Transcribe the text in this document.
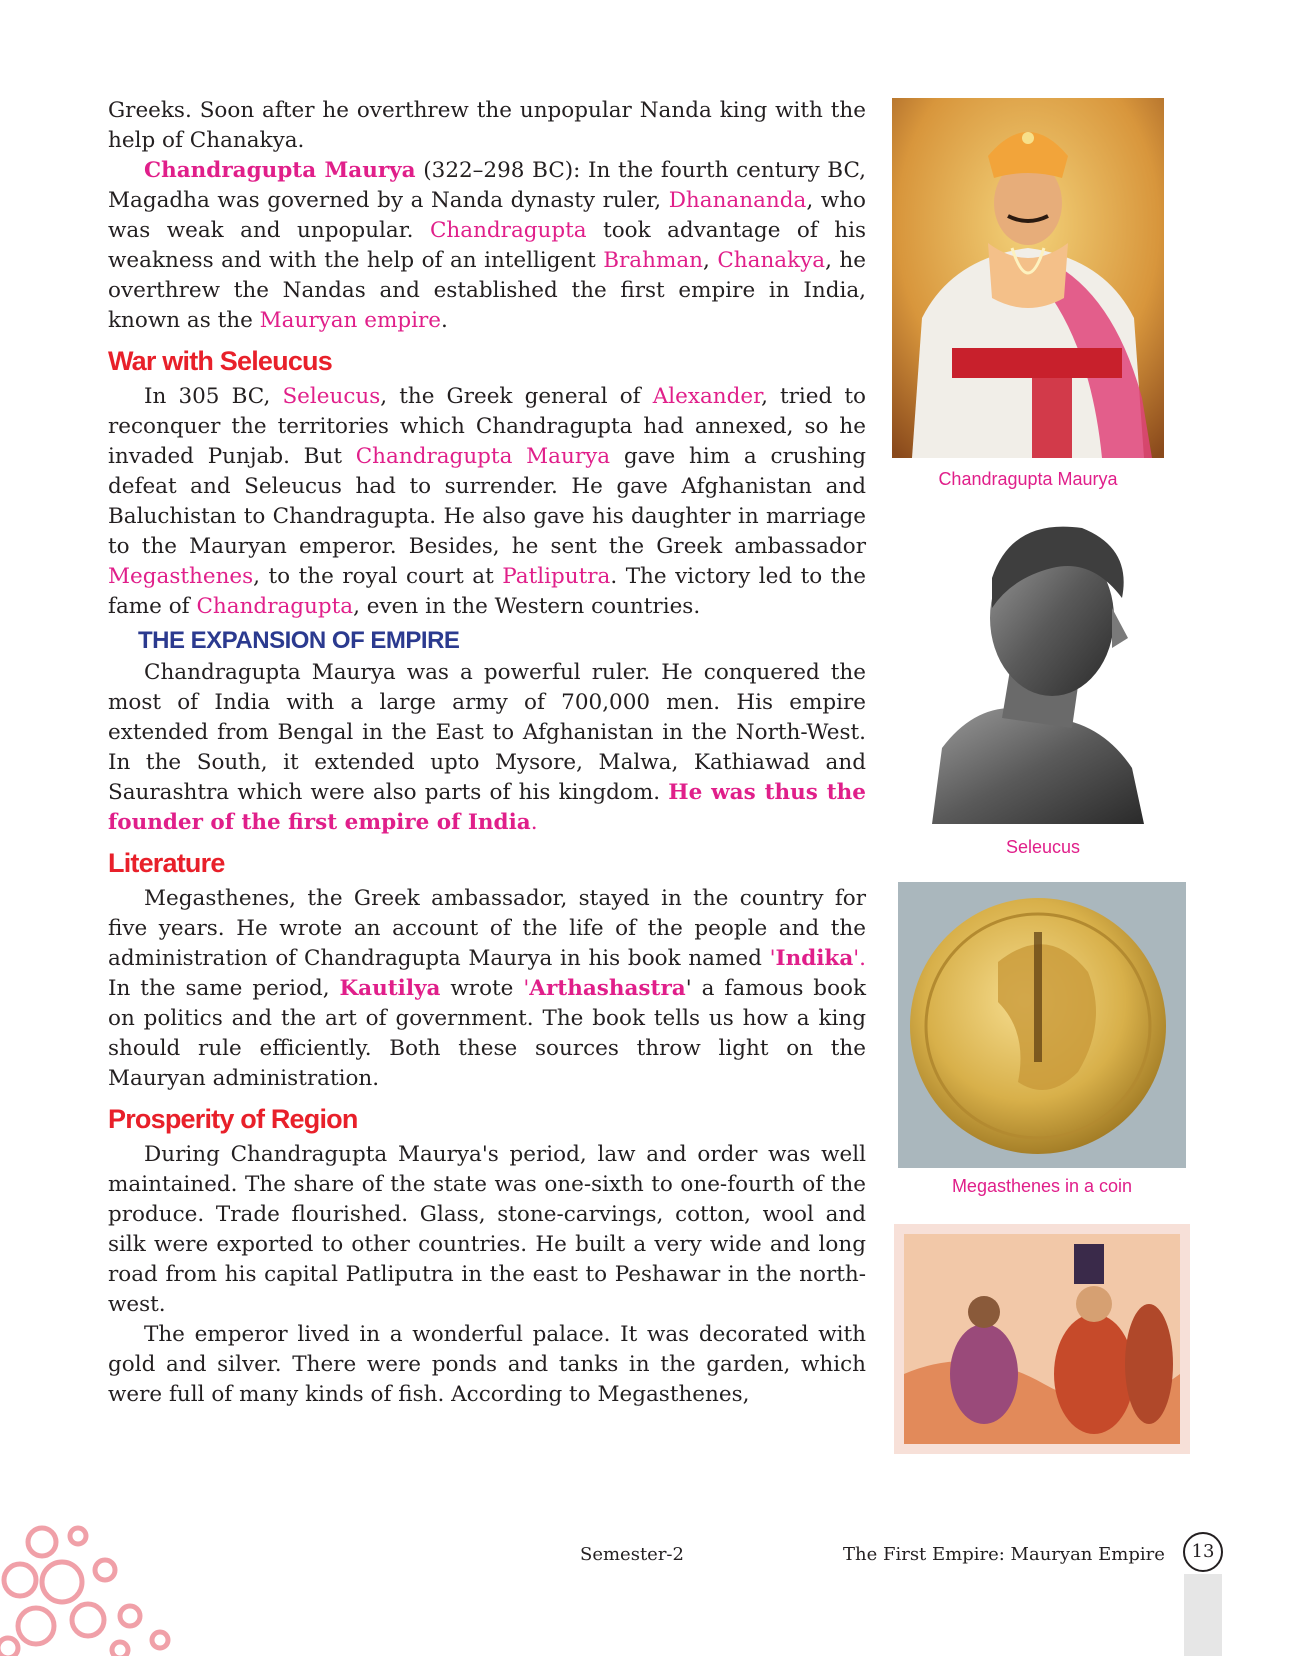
Greeks. Soon after he overthrew the unpopular Nanda king with the help of Chanakya.

Chandragupta Maurya (322–298 BC): In the fourth century BC, Magadha was governed by a Nanda dynasty ruler, Dhanananda, who was weak and unpopular. Chandragupta took advantage of his weakness and with the help of an intelligent Brahman, Chanakya, he overthrew the Nandas and established the first empire in India, known as the Mauryan empire.

War with Seleucus

In 305 BC, Seleucus, the Greek general of Alexander, tried to reconquer the territories which Chandragupta had annexed, so he invaded Punjab. But Chandragupta Maurya gave him a crushing defeat and Seleucus had to surrender. He gave Afghanistan and Baluchistan to Chandragupta. He also gave his daughter in marriage to the Mauryan emperor. Besides, he sent the Greek ambassador Megasthenes, to the royal court at Patliputra. The victory led to the fame of Chandragupta, even in the Western countries.

THE EXPANSION OF EMPIRE

Chandragupta Maurya was a powerful ruler. He conquered the most of India with a large army of 700,000 men. His empire extended from Bengal in the East to Afghanistan in the North-West. In the South, it extended upto Mysore, Malwa, Kathiawad and Saurashtra which were also parts of his kingdom. He was thus the founder of the first empire of India.

Literature

Megasthenes, the Greek ambassador, stayed in the country for five years. He wrote an account of the life of the people and the administration of Chandragupta Maurya in his book named 'Indika'. In the same period, Kautilya wrote 'Arthashastra' a famous book on politics and the art of government. The book tells us how a king should rule efficiently. Both these sources throw light on the Mauryan administration.

Prosperity of Region

During Chandragupta Maurya's period, law and order was well maintained. The share of the state was one-sixth to one-fourth of the produce. Trade flourished. Glass, stone-carvings, cotton, wool and silk were exported to other countries. He built a very wide and long road from his capital Patliputra in the east to Peshawar in the north-west.

The emperor lived in a wonderful palace. It was decorated with gold and silver. There were ponds and tanks in the garden, which were full of many kinds of fish. According to Megasthenes,

Chandragupta Maurya
Seleucus
Megasthenes in a coin
Semester-2	The First Empire: Mauryan Empire	13
